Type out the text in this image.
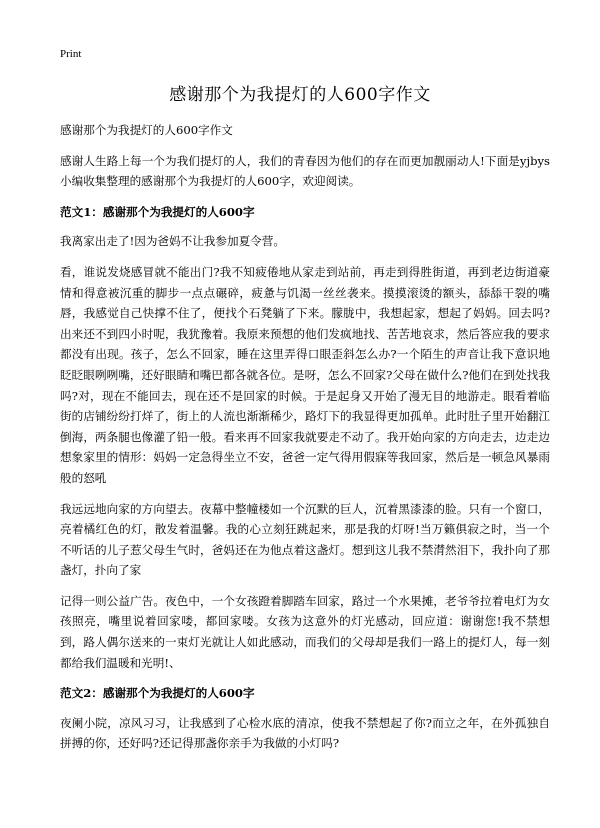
Print
感谢那个为我提灯的人600字作文

感谢那个为我提灯的人600字作文

感谢人生路上每一个为我们提灯的人，我们的青春因为他们的存在而更加靓丽动人!下面是yjbys小编收集整理的感谢那个为我提灯的人600字，欢迎阅读。

范文1：感谢那个为我提灯的人600字

我离家出走了!因为爸妈不让我参加夏令营。

看，谁说发烧感冒就不能出门?我不知疲倦地从家走到站前，再走到得胜街道，再到老边街道豪情和得意被沉重的脚步一点点碾碎，疲惫与饥渴一丝丝袭来。摸摸滚烫的额头，舔舔干裂的嘴唇，我感觉自己快撑不住了，便找个石凳躺了下来。朦胧中，我想起家，想起了妈妈。回去吗?出来还不到四小时呢，我犹豫着。我原来预想的他们发疯地找、苦苦地哀求，然后答应我的要求都没有出现。孩子，怎么不回家，睡在这里弄得口眼歪斜怎么办?一个陌生的声音让我下意识地眨眨眼咧咧嘴，还好眼睛和嘴巴都各就各位。是呀，怎么不回家?父母在做什么?他们在到处找我吗?对，现在不能回去，现在还不是回家的时候。于是起身又开始了漫无目的地游走。眼看着临街的店铺纷纷打烊了，街上的人流也渐渐稀少，路灯下的我显得更加孤单。此时肚子里开始翻江倒海，两条腿也像灌了铅一般。看来再不回家我就要走不动了。我开始向家的方向走去，边走边想象家里的情形：妈妈一定急得坐立不安，爸爸一定气得用假寐等我回家，然后是一顿急风暴雨般的怒吼

我远远地向家的方向望去。夜幕中整幢楼如一个沉默的巨人，沉着黑漆漆的脸。只有一个窗口，亮着橘红色的灯，散发着温馨。我的心立刻狂跳起来，那是我的灯呀!当万籁俱寂之时，当一个不听话的儿子惹父母生气时，爸妈还在为他点着这盏灯。想到这儿我不禁潸然泪下，我扑向了那盏灯，扑向了家

记得一则公益广告。夜色中，一个女孩蹬着脚踏车回家，路过一个水果摊，老爷爷拉着电灯为女孩照亮，嘴里说着回家喽，都回家喽。女孩为这意外的灯光感动，回应道：谢谢您!我不禁想到，路人偶尔送来的一束灯光就让人如此感动，而我们的父母却是我们一路上的提灯人，每一刻都给我们温暖和光明!、

范文2：感谢那个为我提灯的人600字

夜阑小院，凉风习习，让我感到了心检水底的清凉，使我不禁想起了你?而立之年，在外孤独自拼搏的你，还好吗?还记得那盏你亲手为我做的小灯吗?
